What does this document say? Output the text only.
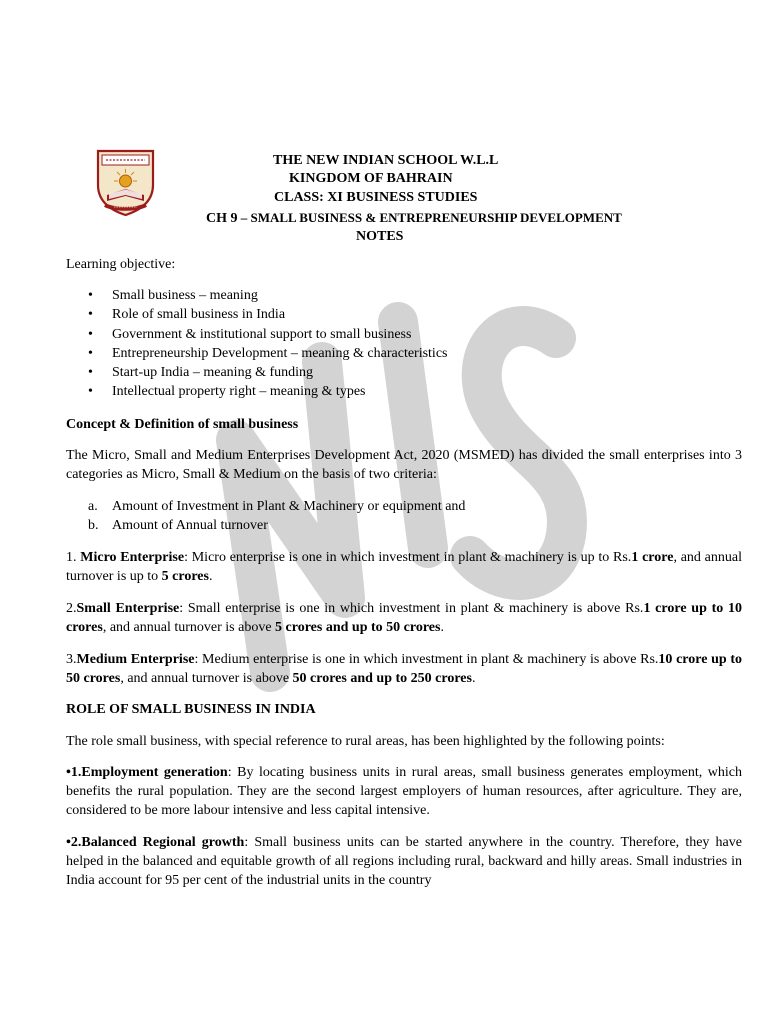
THE NEW INDIAN SCHOOL W.L.L
KINGDOM OF BAHRAIN
CLASS: XI BUSINESS STUDIES
CH 9 – SMALL BUSINESS & ENTREPRENEURSHIP DEVELOPMENT
NOTES
Learning objective:
• Small business – meaning
• Role of small business in India
• Government & institutional support to small business
• Entrepreneurship Development – meaning & characteristics
• Start-up India – meaning & funding
• Intellectual property right – meaning & types
Concept & Definition of small business
The Micro, Small and Medium Enterprises Development Act, 2020 (MSMED) has divided the small enterprises into 3 categories as Micro, Small & Medium on the basis of two criteria:
a. Amount of Investment in Plant & Machinery or equipment and
b. Amount of Annual turnover
1. Micro Enterprise: Micro enterprise is one in which investment in plant & machinery is up to Rs.1 crore, and annual turnover is up to 5 crores.
2.Small Enterprise: Small enterprise is one in which investment in plant & machinery is above Rs.1 crore up to 10 crores, and annual turnover is above 5 crores and up to 50 crores.
3.Medium Enterprise: Medium enterprise is one in which investment in plant & machinery is above Rs.10 crore up to 50 crores, and annual turnover is above 50 crores and up to 250 crores.
ROLE OF SMALL BUSINESS IN INDIA
The role small business, with special reference to rural areas, has been highlighted by the following points:
•1.Employment generation: By locating business units in rural areas, small business generates employment, which benefits the rural population. They are the second largest employers of human resources, after agriculture. They are, considered to be more labour intensive and less capital intensive.
•2.Balanced Regional growth: Small business units can be started anywhere in the country. Therefore, they have helped in the balanced and equitable growth of all regions including rural, backward and hilly areas. Small industries in India account for 95 per cent of the industrial units in the country
